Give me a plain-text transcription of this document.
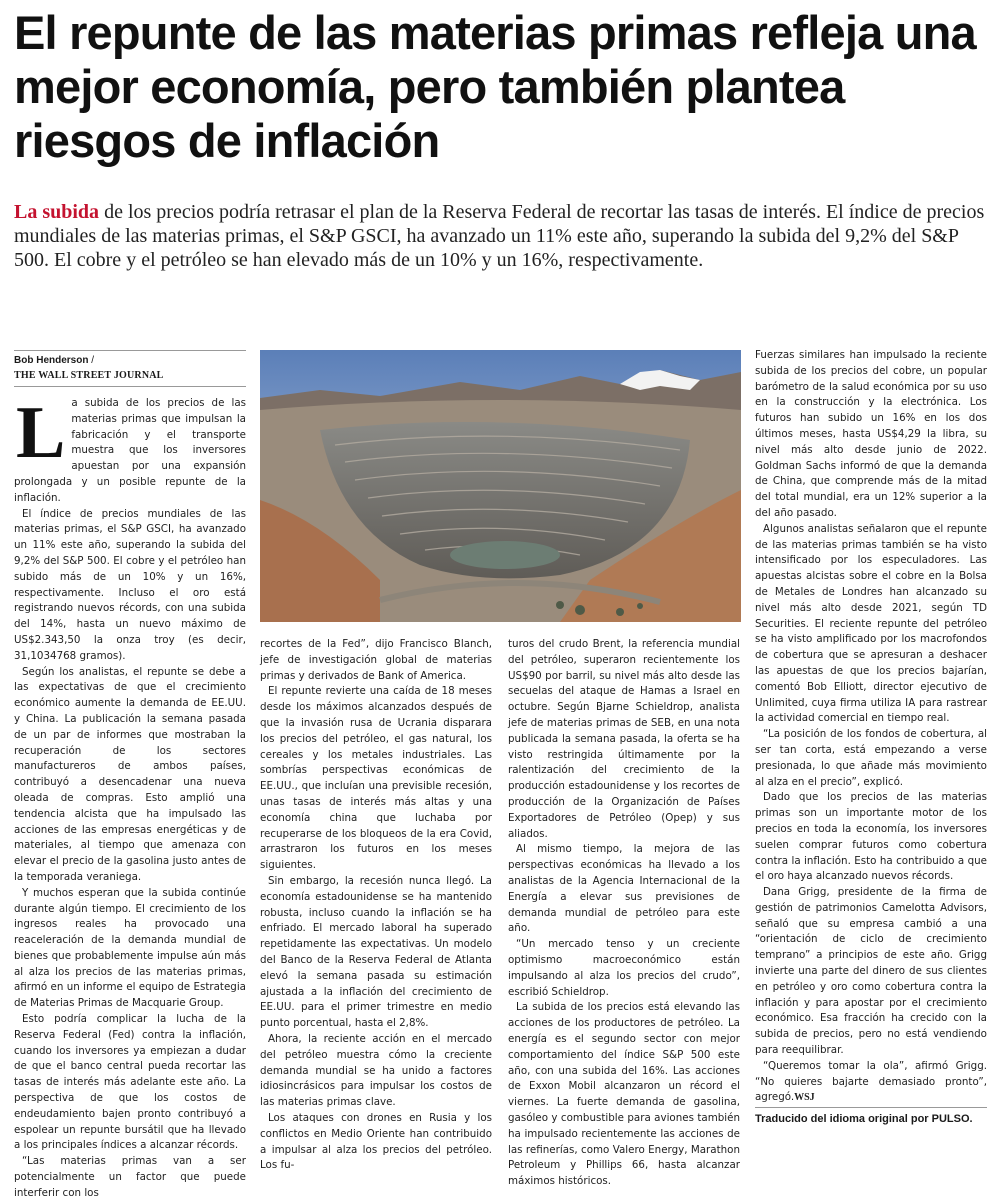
El repunte de las materias primas refleja una mejor economía, pero también plantea riesgos de inflación

La subida de los precios podría retrasar el plan de la Reserva Federal de recortar las tasas de interés. El índice de precios mundiales de las materias primas, el S&P GSCI, ha avanzado un 11% este año, superando la subida del 9,2% del S&P 500. El cobre y el petróleo se han elevado más de un 10% y un 16%, respectivamente.

Bob Henderson /
THE WALL STREET JOURNAL
L a subida de los precios de las materias primas que impulsan la fabricación y el transporte muestra que los inversores apuestan por una expansión prolongada y un posible repunte de la inflación.

El índice de precios mundiales de las materias primas, el S&P GSCI, ha avanzado un 11% este año, superando la subida del 9,2% del S&P 500. El cobre y el petróleo han subido más de un 10% y un 16%, respectivamente. Incluso el oro está registrando nuevos récords, con una subida del 14%, hasta un nuevo máximo de US$2.343,50 la onza troy (es decir, 31,1034768 gramos).

Según los analistas, el repunte se debe a las expectativas de que el crecimiento económico aumente la demanda de EE.UU. y China. La publicación la semana pasada de un par de informes que mostraban la recuperación de los sectores manufactureros de ambos países, contribuyó a desencadenar una nueva oleada de compras. Esto amplió una tendencia alcista que ha impulsado las acciones de las empresas energéticas y de materiales, al tiempo que amenaza con elevar el precio de la gasolina justo antes de la temporada veraniega.

Y muchos esperan que la subida continúe durante algún tiempo. El crecimiento de los ingresos reales ha provocado una reaceleración de la demanda mundial de bienes que probablemente impulse aún más al alza los precios de las materias primas, afirmó en un informe el equipo de Estrategia de Materias Primas de Macquarie Group.

Esto podría complicar la lucha de la Reserva Federal (Fed) contra la inflación, cuando los inversores ya empiezan a dudar de que el banco central pueda recortar las tasas de interés más adelante este año. La perspectiva de que los costos de endeudamiento bajen pronto contribuyó a espolear un repunte bursátil que ha llevado a los principales índices a alcanzar récords.

“Las materias primas van a ser potencialmente un factor que puede interferir con los

recortes de la Fed”, dijo Francisco Blanch, jefe de investigación global de materias primas y derivados de Bank of America.

El repunte revierte una caída de 18 meses desde los máximos alcanzados después de que la invasión rusa de Ucrania disparara los precios del petróleo, el gas natural, los cereales y los metales industriales. Las sombrías perspectivas económicas de EE.UU., que incluían una previsible recesión, unas tasas de interés más altas y una economía china que luchaba por recuperarse de los bloqueos de la era Covid, arrastraron los futuros en los meses siguientes.

Sin embargo, la recesión nunca llegó. La economía estadounidense se ha mantenido robusta, incluso cuando la inflación se ha enfriado. El mercado laboral ha superado repetidamente las expectativas. Un modelo del Banco de la Reserva Federal de Atlanta elevó la semana pasada su estimación ajustada a la inflación del crecimiento de EE.UU. para el primer trimestre en medio punto porcentual, hasta el 2,8%.

Ahora, la reciente acción en el mercado del petróleo muestra cómo la creciente demanda mundial se ha unido a factores idiosincrásicos para impulsar los costos de las materias primas clave.

Los ataques con drones en Rusia y los conflictos en Medio Oriente han contribuido a impulsar al alza los precios del petróleo. Los fu-

turos del crudo Brent, la referencia mundial del petróleo, superaron recientemente los US$90 por barril, su nivel más alto desde las secuelas del ataque de Hamas a Israel en octubre. Según Bjarne Schieldrop, analista jefe de materias primas de SEB, en una nota publicada la semana pasada, la oferta se ha visto restringida últimamente por la ralentización del crecimiento de la producción estadounidense y los recortes de producción de la Organización de Países Exportadores de Petróleo (Opep) y sus aliados.

Al mismo tiempo, la mejora de las perspectivas económicas ha llevado a los analistas de la Agencia Internacional de la Energía a elevar sus previsiones de demanda mundial de petróleo para este año.

“Un mercado tenso y un creciente optimismo macroeconómico están impulsando al alza los precios del crudo”, escribió Schieldrop.

La subida de los precios está elevando las acciones de los productores de petróleo. La energía es el segundo sector con mejor comportamiento del índice S&P 500 este año, con una subida del 16%. Las acciones de Exxon Mobil alcanzaron un récord el viernes. La fuerte demanda de gasolina, gasóleo y combustible para aviones también ha impulsado recientemente las acciones de las refinerías, como Valero Energy, Marathon Petroleum y Phillips 66, hasta alcanzar máximos históricos.

Fuerzas similares han impulsado la reciente subida de los precios del cobre, un popular barómetro de la salud económica por su uso en la construcción y la electrónica. Los futuros han subido un 16% en los dos últimos meses, hasta US$4,29 la libra, su nivel más alto desde junio de 2022. Goldman Sachs informó de que la demanda de China, que comprende más de la mitad del total mundial, era un 12% superior a la del año pasado.

Algunos analistas señalaron que el repunte de las materias primas también se ha visto intensificado por los especuladores. Las apuestas alcistas sobre el cobre en la Bolsa de Metales de Londres han alcanzado su nivel más alto desde 2021, según TD Securities. El reciente repunte del petróleo se ha visto amplificado por los macrofondos de cobertura que se apresuran a deshacer las apuestas de que los precios bajarían, comentó Bob Elliott, director ejecutivo de Unlimited, cuya firma utiliza IA para rastrear la actividad comercial en tiempo real.

“La posición de los fondos de cobertura, al ser tan corta, está empezando a verse presionada, lo que añade más movimiento al alza en el precio”, explicó.

Dado que los precios de las materias primas son un importante motor de los precios en toda la economía, los inversores suelen comprar futuros como cobertura contra la inflación. Esto ha contribuido a que el oro haya alcanzado nuevos récords.

Dana Grigg, presidente de la firma de gestión de patrimonios Camelotta Advisors, señaló que su empresa cambió a una “orientación de ciclo de crecimiento temprano” a principios de este año. Grigg invierte una parte del dinero de sus clientes en petróleo y oro como cobertura contra la inflación y para apostar por el crecimiento económico. Esa fracción ha crecido con la subida de precios, pero no está vendiendo para reequilibrar.

“Queremos tomar la ola”, afirmó Grigg. “No quieres bajarte demasiado pronto”, agregó.WSJ

Traducido del idioma original por PULSO.
